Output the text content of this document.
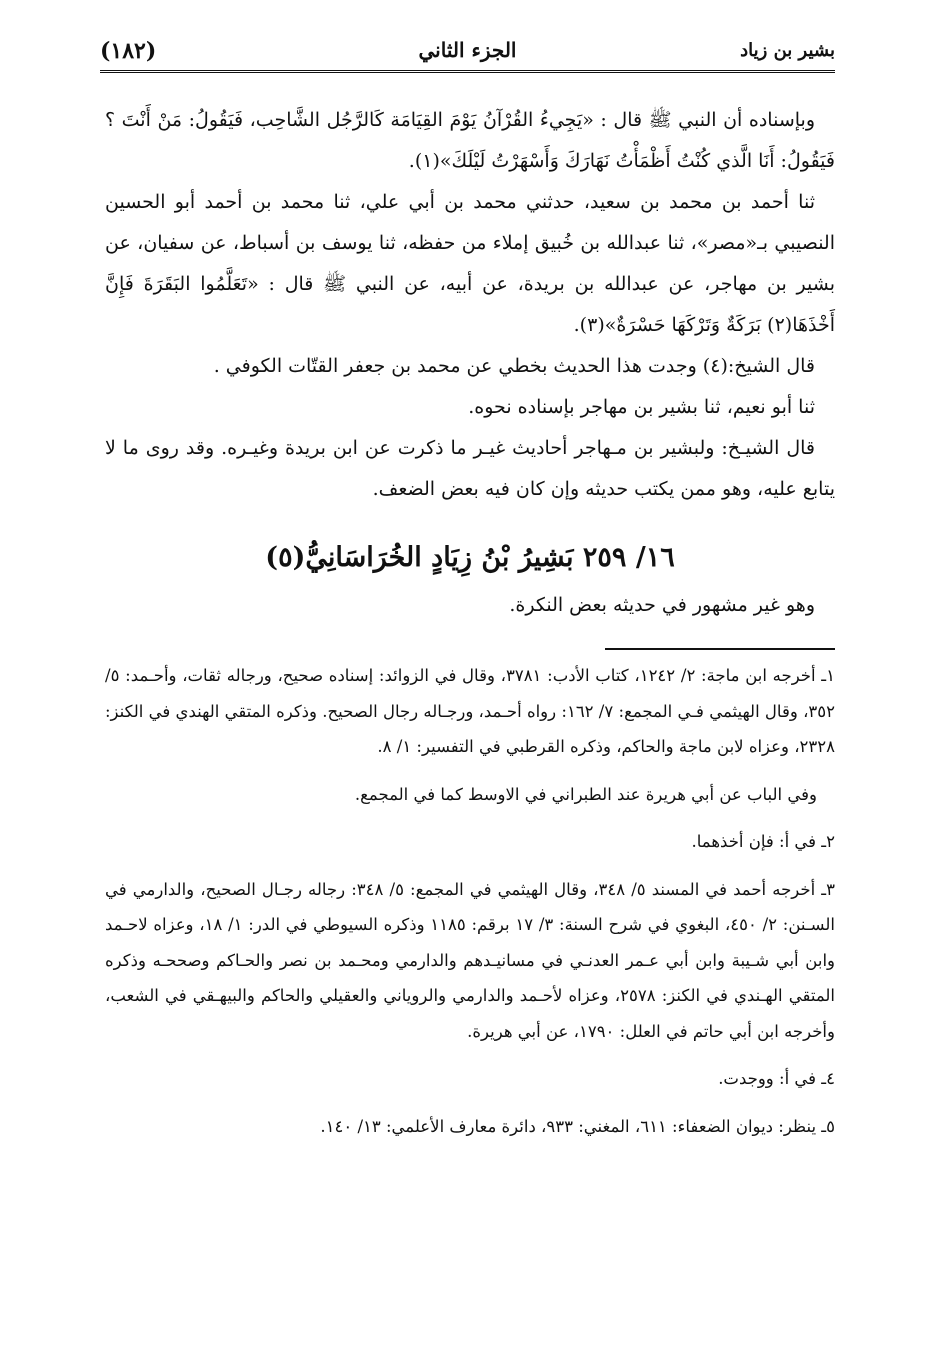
(١٨٢)	الجزء الثاني	بشير بن زياد

وبإسناده أن النبي ﷺ قال : «يَجِيءُ القُرْآنُ يَوْمَ القِيَامَة كَالرَّجُل الشَّاحِب، فَيَقُولُ: مَنْ أَنْتَ ؟ فَيَقُولُ: أَنَا الَّذي كُنْتُ أَظْمَأْتُ نَهَارَكَ وَأَسْهَرْتُ لَيْلَكَ»(١).

ثنا أحمد بن محمد بن سعيد، حدثني محمد بن أبي علي، ثنا محمد بن أحمد أبو الحسين النصيبي بـ«مصر»، ثنا عبدالله بن خُبيق إملاء من حفظه، ثنا يوسف بن أسباط، عن سفيان، عن بشير بن مهاجر، عن عبدالله بن بريدة، عن أبيه، عن النبي ﷺ قال : «تَعَلَّمُوا البَقَرَةَ فَإِنَّ أَخْذَهَا(٢) بَرَكَةٌ وَتَرْكَهَا حَسْرَةٌ»(٣).

قال الشيخ:(٤) وجدت هذا الحديث بخطي عن محمد بن جعفر القتّات الكوفي .

ثنا أبو نعيم، ثنا بشير بن مهاجر بإسناده نحوه.

قال الشيـخ: ولبشير بن مـهاجر أحاديث غيـر ما ذكرت عن ابن بريدة وغيـره. وقد روى ما لا يتابع عليه، وهو ممن يكتب حديثه وإن كان فيه بعض الضعف.

١٦/ ٢٥٩ بَشِيرُ بْنُ زِيَادٍ الخُرَاسَانِيُّ(٥)
وهو غير مشهور في حديثه بعض النكرة.

١ـ أخرجه ابن ماجة: ٢/ ١٢٤٢، كتاب الأدب: ٣٧٨١، وقال في الزوائد: إسناده صحيح، ورجاله ثقات، وأحـمد: ٥/ ٣٥٢، وقال الهيثمي فـي المجمع: ٧/ ١٦٢: رواه أحـمد، ورجـاله رجال الصحيح. وذكره المتقي الهندي في الكنز: ٢٣٢٨، وعزاه لابن ماجة والحاكم، وذكره القرطبي في التفسير: ١/ ٨.

وفي الباب عن أبي هريرة عند الطبراني في الاوسط كما في المجمع.

٢ـ في أ: فإن أخذهما.

٣ـ أخرجه أحمد في المسند ٥/ ٣٤٨، وقال الهيثمي في المجمع: ٥/ ٣٤٨: رجاله رجـال الصحيح، والدارمي في السـنن: ٢/ ٤٥٠، البغوي في شرح السنة: ٣/ ١٧ برقم: ١١٨٥ وذكره السيوطي في الدر: ١/ ١٨، وعزاه لاحـمد وابن أبي شـيبة وابن أبي عـمر العدنـي في مسانيـدهم والدارمي ومحـمد بن نصر والحـاكم وصححـه وذكره المتقي الهـندي في الكنز: ٢٥٧٨، وعزاه لأحـمد والدارمي والروياني والعقيلي والحاكم والبيهـقي في الشعب، وأخرجه ابن أبي حاتم في العلل: ١٧٩٠، عن أبي هريرة.

٤ـ في أ: ووجدت.

٥ـ ينظر: ديوان الضعفاء: ٦١١، المغني: ٩٣٣، دائرة معارف الأعلمي: ١٣/ ١٤٠.
